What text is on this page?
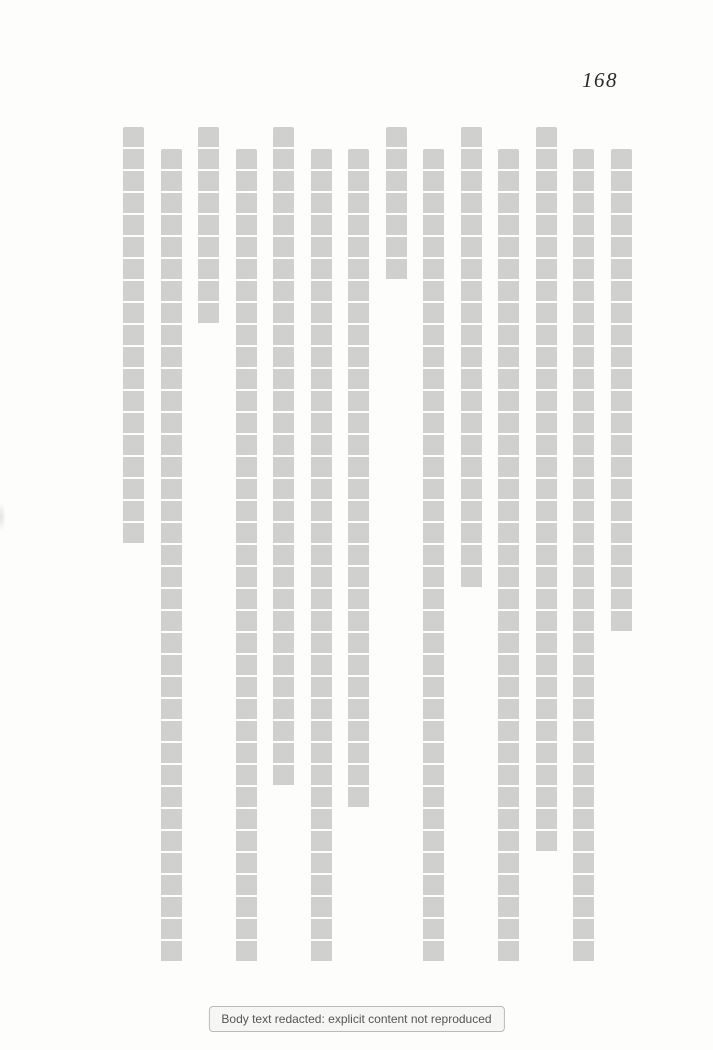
168
Body text redacted: explicit content not reproduced
